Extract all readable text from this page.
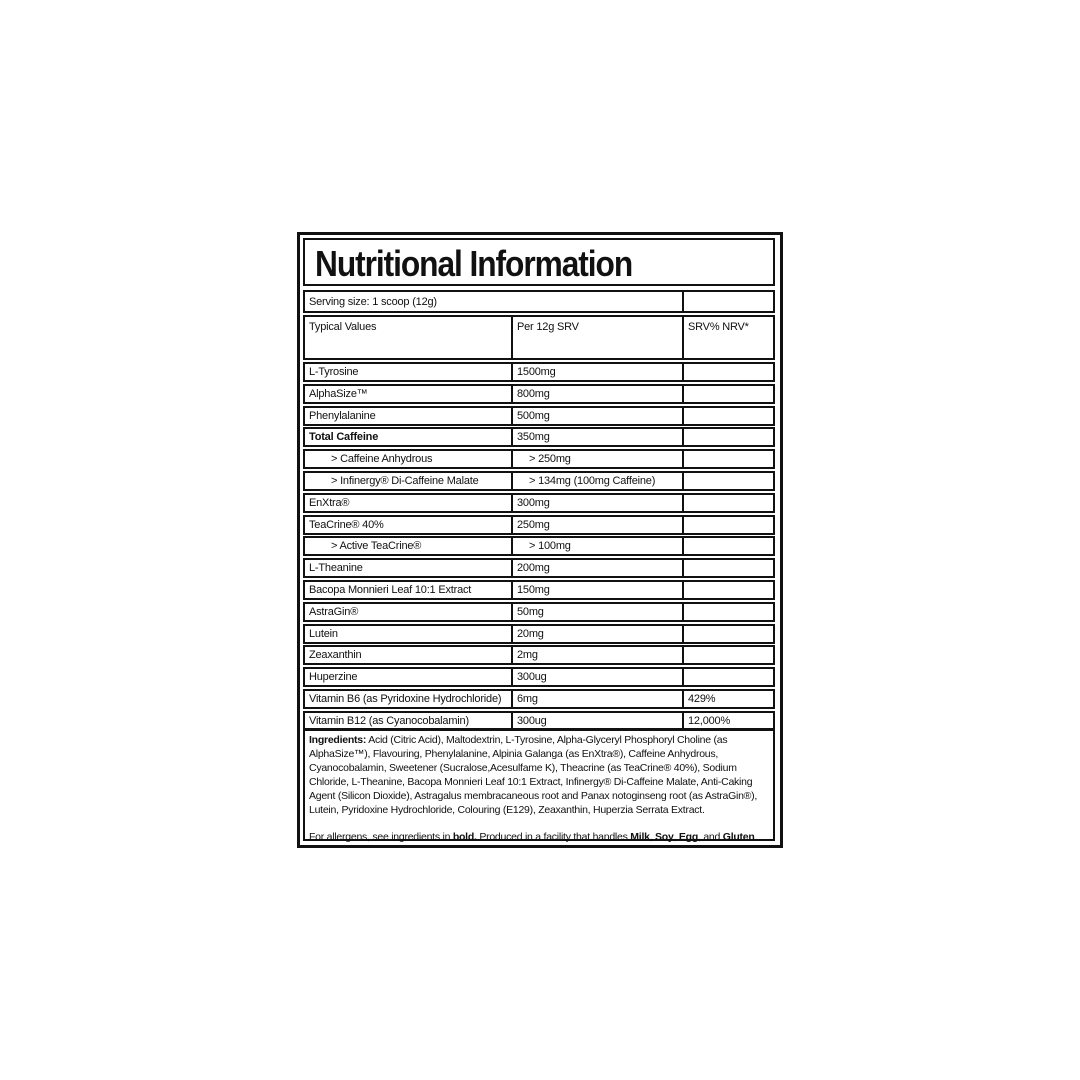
Nutritional Information
Serving size: 1 scoop (12g)
Typical Values	Per 12g SRV	SRV% NRV*
L-Tyrosine	1500mg
AlphaSize™	800mg
Phenylalanine	500mg
Total Caffeine	350mg
> Caffeine Anhydrous	> 250mg
> Infinergy® Di-Caffeine Malate	> 134mg (100mg Caffeine)
EnXtra®	300mg
TeaCrine® 40%	250mg
> Active TeaCrine®	> 100mg
L-Theanine	200mg
Bacopa Monnieri Leaf 10:1 Extract	150mg
AstraGin®	50mg
Lutein	20mg
Zeaxanthin	2mg
Huperzine	300ug
Vitamin B6 (as Pyridoxine Hydrochloride)	6mg	429%
Vitamin B12 (as Cyanocobalamin)	300ug	12,000%
Ingredients: Acid (Citric Acid), Maltodextrin, L-Tyrosine, Alpha-Glyceryl Phosphoryl Choline (as AlphaSize™), Flavouring, Phenylalanine, Alpinia Galanga (as EnXtra®), Caffeine Anhydrous, Cyanocobalamin, Sweetener (Sucralose,Acesulfame K), Theacrine (as TeaCrine® 40%), Sodium Chloride, L-Theanine, Bacopa Monnieri Leaf 10:1 Extract, Infinergy® Di-Caffeine Malate, Anti-Caking Agent (Silicon Dioxide), Astragalus membracaneous root and Panax notoginseng root (as AstraGin®), Lutein, Pyridoxine Hydrochloride, Colouring (E129), Zeaxanthin, Huperzia Serrata Extract.
For allergens, see ingredients in bold. Produced in a facility that handles Milk, Soy, Egg, and Gluten.
